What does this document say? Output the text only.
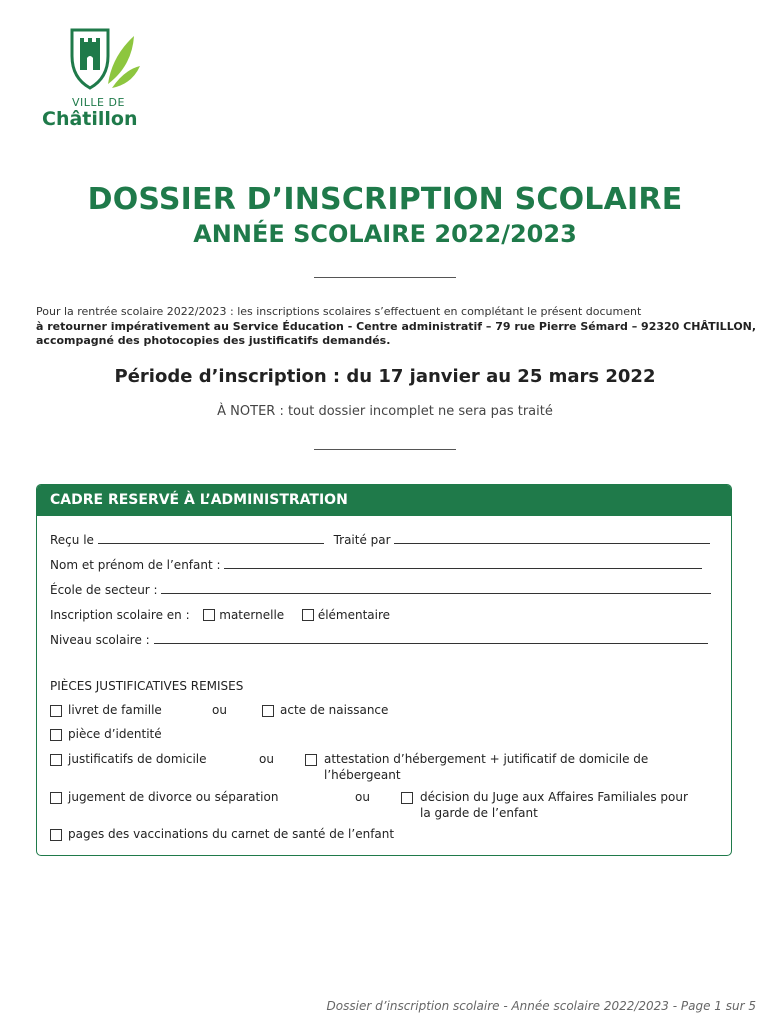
VILLE DE
Châtillon
DOSSIER D’INSCRIPTION SCOLAIRE
ANNÉE SCOLAIRE 2022/2023
Pour la rentrée scolaire 2022/2023 : les inscriptions scolaires s’effectuent en complétant le présent document
à retourner impérativement au Service Éducation - Centre administratif – 79 rue Pierre Sémard – 92320 CHÂTILLON,
accompagné des photocopies des justificatifs demandés.
Période d’inscription : du 17 janvier au 25 mars 2022
À NOTER : tout dossier incomplet ne sera pas traité
CADRE RESERVÉ À L’ADMINISTRATION
Reçu le	Traité par
Nom et prénom de l’enfant :
École de secteur :
Inscription scolaire en : maternelle	élémentaire
Niveau scolaire :
PIÈCES JUSTIFICATIVES REMISES
livret de famille	ou	acte de naissance
pièce d’identité
justificatifs de domicile	ou	attestation d’hébergement + jutificatif de domicile de
l’hébergeant
jugement de divorce ou séparation	ou	décision du Juge aux Affaires Familiales pour
la garde de l’enfant
pages des vaccinations du carnet de santé de l’enfant
Dossier d’inscription scolaire - Année scolaire 2022/2023 - Page 1 sur 5
